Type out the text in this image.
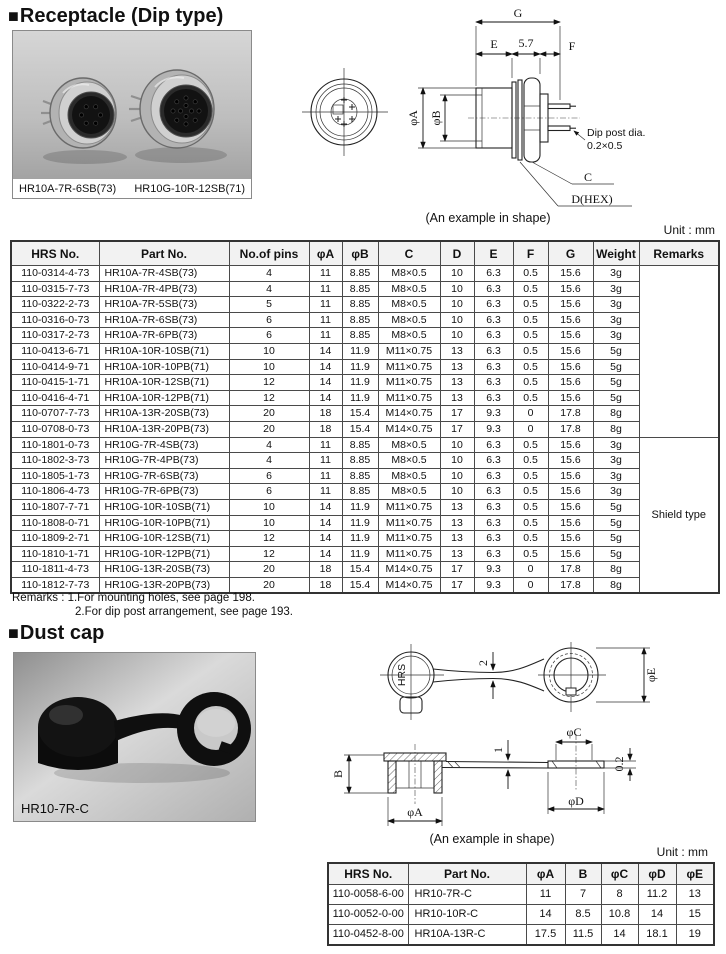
■Receptacle (Dip type)
HR10A-7R-6SB(73) HR10G-10R-12SB(71)
φA φB
G
E 5.7	F
Dip post dia.
0.2×0.5
C
D(HEX)
(An example in shape)
Unit : mm
HRS No.	Part No.	No.of pins	φA	φB	C	D	E	F	G	Weight	Remarks
110-0314-4-73	HR10A-7R-4SB(73)	4	11	8.85	M8×0.5	10	6.3	0.5	15.6	3g	
110-0315-7-73	HR10A-7R-4PB(73)	4	11	8.85	M8×0.5	10	6.3	0.5	15.6	3g	
110-0322-2-73	HR10A-7R-5SB(73)	5	11	8.85	M8×0.5	10	6.3	0.5	15.6	3g	
110-0316-0-73	HR10A-7R-6SB(73)	6	11	8.85	M8×0.5	10	6.3	0.5	15.6	3g	
110-0317-2-73	HR10A-7R-6PB(73)	6	11	8.85	M8×0.5	10	6.3	0.5	15.6	3g	
110-0413-6-71	HR10A-10R-10SB(71)	10	14	11.9	M11×0.75	13	6.3	0.5	15.6	5g	
110-0414-9-71	HR10A-10R-10PB(71)	10	14	11.9	M11×0.75	13	6.3	0.5	15.6	5g	
110-0415-1-71	HR10A-10R-12SB(71)	12	14	11.9	M11×0.75	13	6.3	0.5	15.6	5g	
110-0416-4-71	HR10A-10R-12PB(71)	12	14	11.9	M11×0.75	13	6.3	0.5	15.6	5g	
110-0707-7-73	HR10A-13R-20SB(73)	20	18	15.4	M14×0.75	17	9.3	0	17.8	8g	
110-0708-0-73	HR10A-13R-20PB(73)	20	18	15.4	M14×0.75	17	9.3	0	17.8	8g	
110-1801-0-73	HR10G-7R-4SB(73)	4	11	8.85	M8×0.5	10	6.3	0.5	15.6	3g	Shield type
110-1802-3-73	HR10G-7R-4PB(73)	4	11	8.85	M8×0.5	10	6.3	0.5	15.6	3g	
110-1805-1-73	HR10G-7R-6SB(73)	6	11	8.85	M8×0.5	10	6.3	0.5	15.6	3g	
110-1806-4-73	HR10G-7R-6PB(73)	6	11	8.85	M8×0.5	10	6.3	0.5	15.6	3g	
110-1807-7-71	HR10G-10R-10SB(71)	10	14	11.9	M11×0.75	13	6.3	0.5	15.6	5g	
110-1808-0-71	HR10G-10R-10PB(71)	10	14	11.9	M11×0.75	13	6.3	0.5	15.6	5g	
110-1809-2-71	HR10G-10R-12SB(71)	12	14	11.9	M11×0.75	13	6.3	0.5	15.6	5g	
110-1810-1-71	HR10G-10R-12PB(71)	12	14	11.9	M11×0.75	13	6.3	0.5	15.6	5g	
110-1811-4-73	HR10G-13R-20SB(73)	20	18	15.4	M14×0.75	17	9.3	0	17.8	8g	
110-1812-7-73	HR10G-13R-20PB(73)	20	18	15.4	M14×0.75	17	9.3	0	17.8	8g	
Remarks : 1.For mounting holes, see page 198.
2.For dip post arrangement, see page 193.
■Dust cap
HR10-7R-C
HRS
2
φE
B
φA
1
φC
φD
0.2
(An example in shape)
Unit : mm
HRS No.	Part No.	φA	B	φC	φD	φE
110-0058-6-00	HR10-7R-C	11	7	8	11.2	13
110-0052-0-00	HR10-10R-C	14	8.5	10.8	14	15
110-0452-8-00	HR10A-13R-C	17.5	11.5	14	18.1	19
